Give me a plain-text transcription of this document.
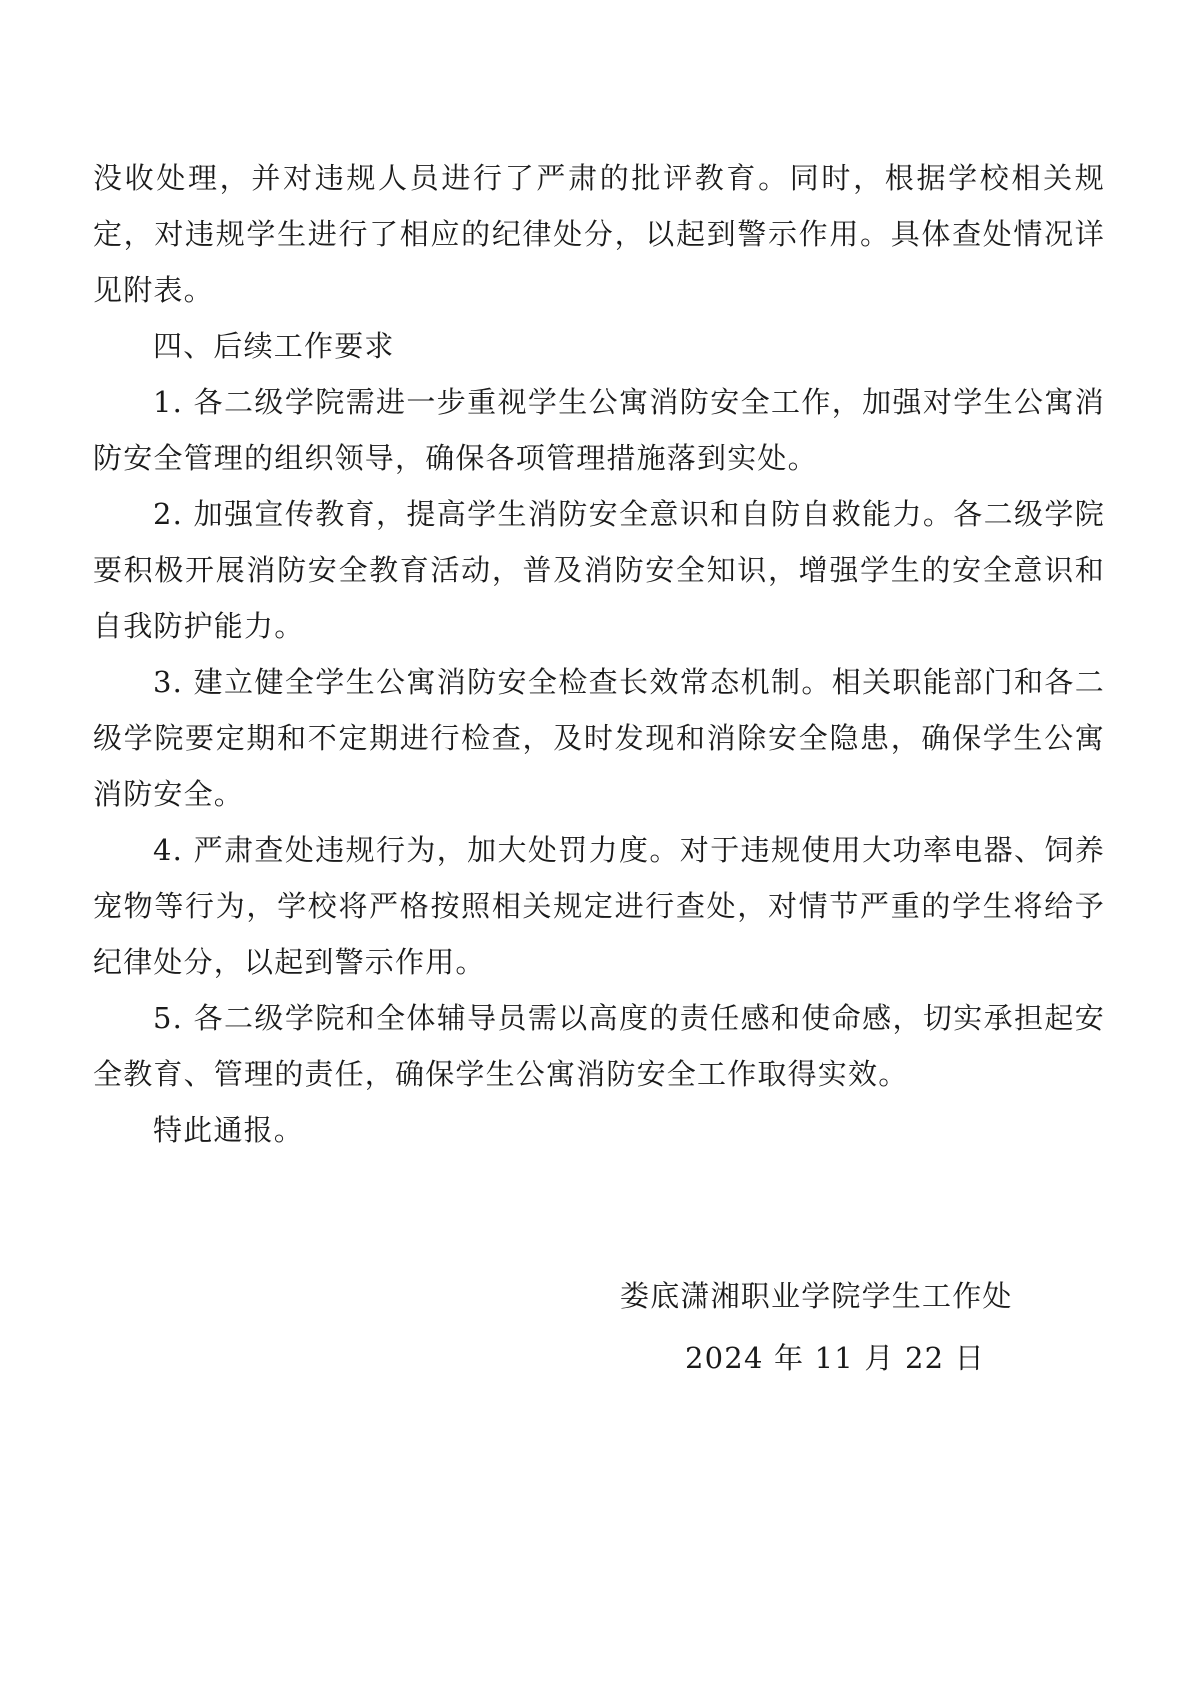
没收处理，并对违规人员进行了严肃的批评教育。同时，根据学校相关规定，对违规学生进行了相应的纪律处分，以起到警示作用。具体查处情况详见附表。

四、后续工作要求

1. 各二级学院需进一步重视学生公寓消防安全工作，加强对学生公寓消防安全管理的组织领导，确保各项管理措施落到实处。

2. 加强宣传教育，提高学生消防安全意识和自防自救能力。各二级学院要积极开展消防安全教育活动，普及消防安全知识，增强学生的安全意识和自我防护能力。

3. 建立健全学生公寓消防安全检查长效常态机制。相关职能部门和各二级学院要定期和不定期进行检查，及时发现和消除安全隐患，确保学生公寓消防安全。

4. 严肃查处违规行为，加大处罚力度。对于违规使用大功率电器、饲养宠物等行为，学校将严格按照相关规定进行查处，对情节严重的学生将给予纪律处分，以起到警示作用。

5. 各二级学院和全体辅导员需以高度的责任感和使命感，切实承担起安全教育、管理的责任，确保学生公寓消防安全工作取得实效。

特此通报。

娄底潇湘职业学院学生工作处
2024 年 11 月 22 日
